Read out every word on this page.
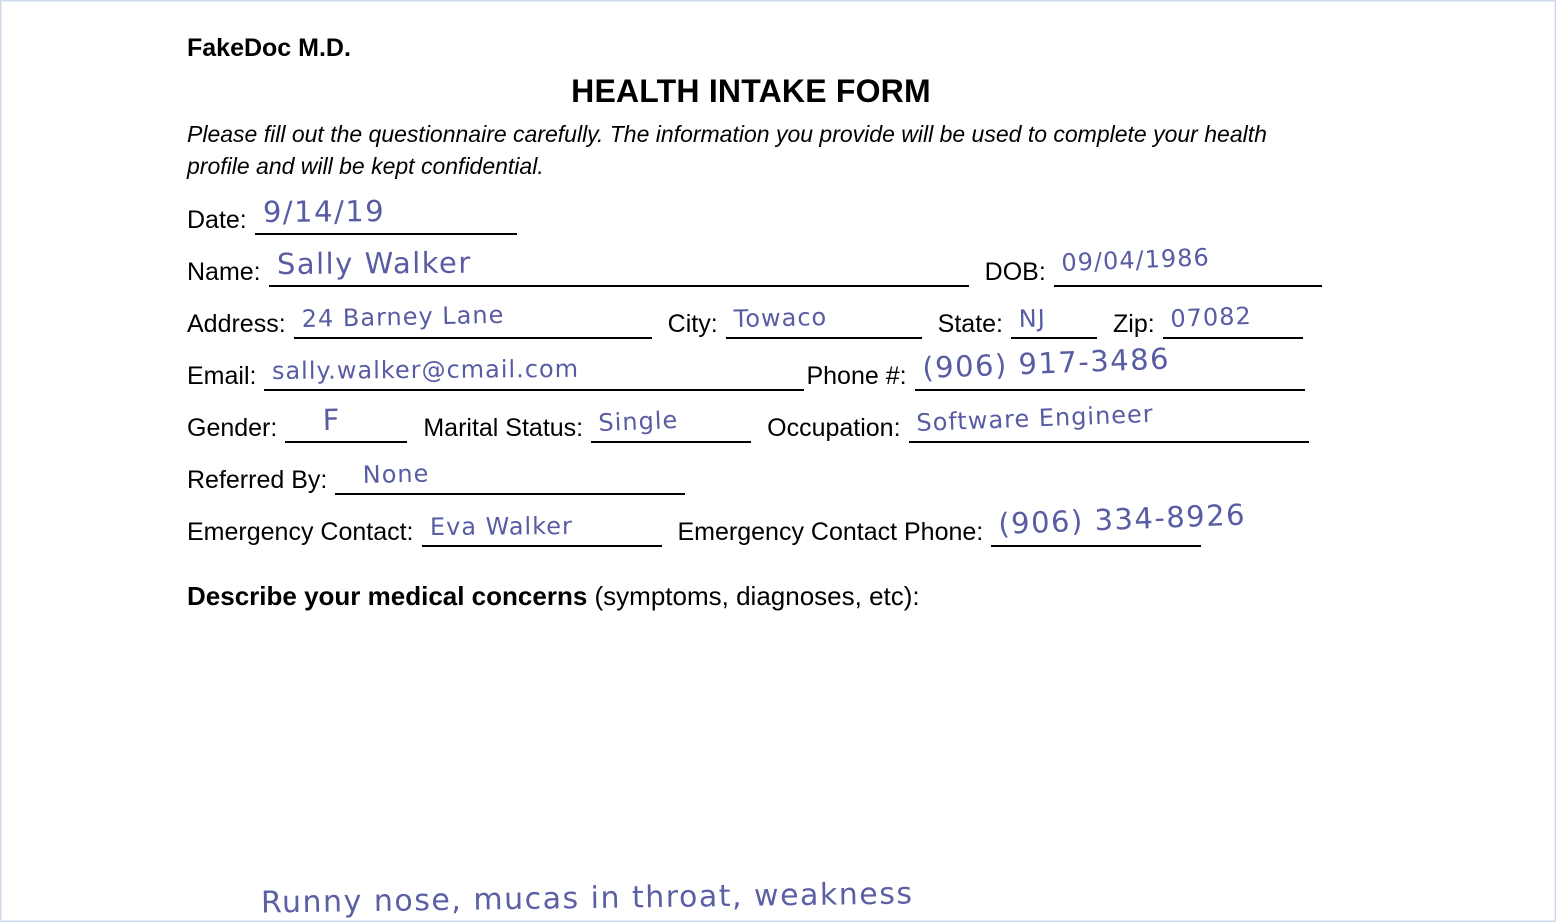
FakeDoc M.D.
HEALTH INTAKE FORM
Please fill out the questionnaire carefully. The information you provide will be used to complete your health profile and will be kept confidential.
Date: 9/14/19
Name: Sally Walker	DOB: 09/04/1986
Address: 24 Barney Lane	City: Towaco	State: NJ	Zip: 07082
Email: sally.walker@cmail.com	Phone #: (906) 917-3486
Gender: F	Marital Status: Single	Occupation: Software Engineer
Referred By: None
Emergency Contact: Eva Walker	Emergency Contact Phone: (906) 334-8926
Describe your medical concerns (symptoms, diagnoses, etc):
Runny nose, mucas in throat, weakness
